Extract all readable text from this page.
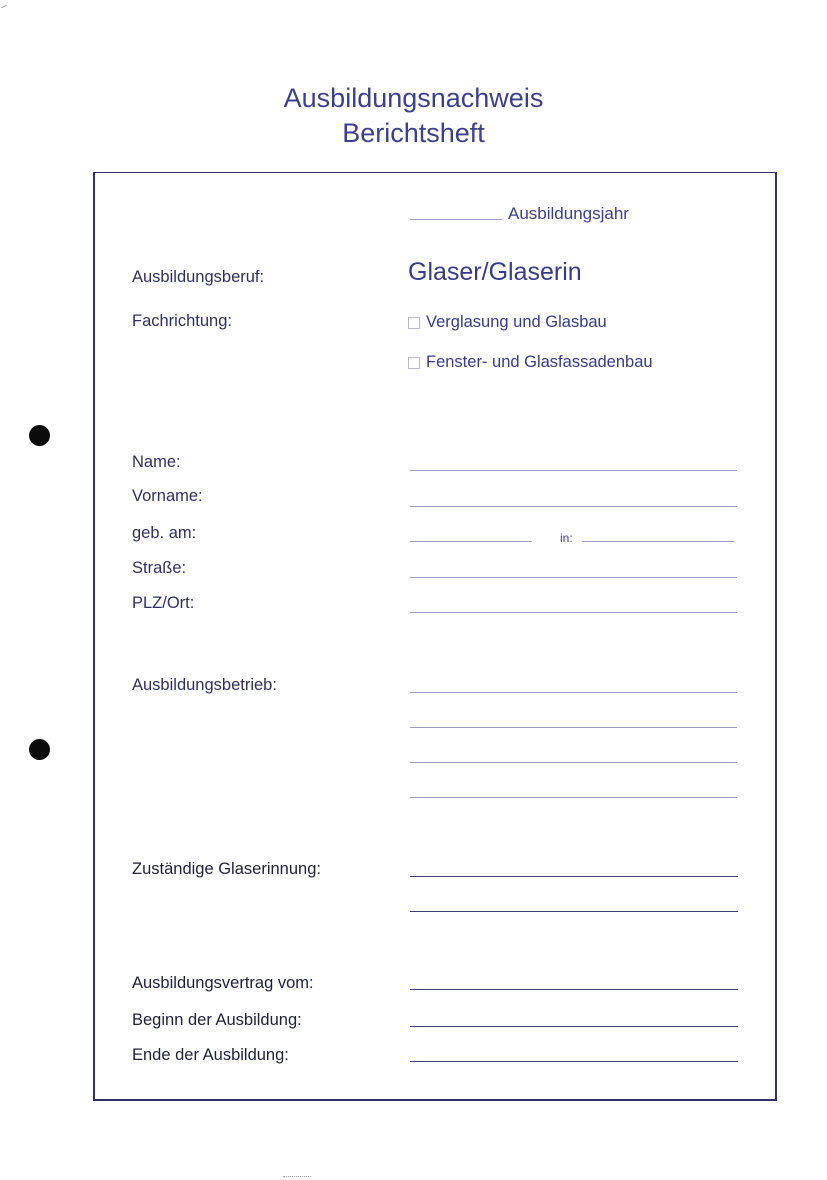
Ausbildungsnachweis
Berichtsheft
Ausbildungsjahr
Ausbildungsberuf:	Glaser/Glaserin
Fachrichtung:	Verglasung und Glasbau
Fenster- und Glasfassadenbau
Name:
Vorname:
geb. am:	in:
Straße:
PLZ/Ort:
Ausbildungsbetrieb:
Zuständige Glaserinnung:
Ausbildungsvertrag vom:
Beginn der Ausbildung:
Ende der Ausbildung:
